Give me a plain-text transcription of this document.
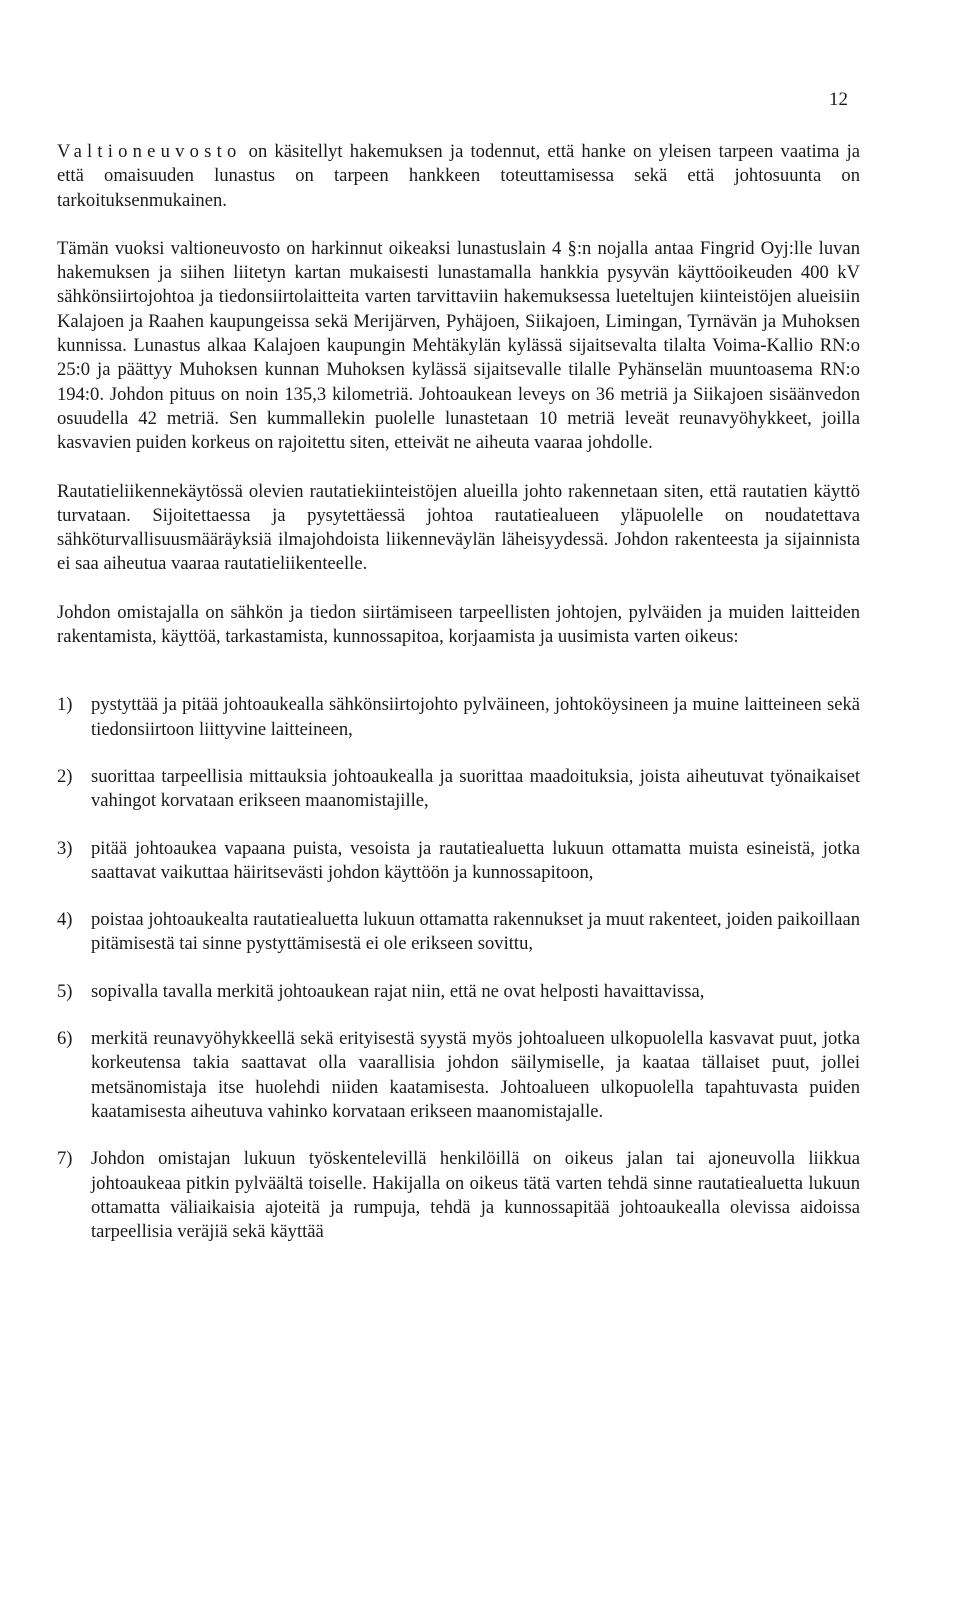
12

Valtioneuvosto on käsitellyt hakemuksen ja todennut, että hanke on yleisen tarpeen vaatima ja että omaisuuden lunastus on tarpeen hankkeen toteuttamisessa sekä että johtosuunta on tarkoituksenmukainen.

Tämän vuoksi valtioneuvosto on harkinnut oikeaksi lunastuslain 4 §:n nojalla antaa Fingrid Oyj:lle luvan hakemuksen ja siihen liitetyn kartan mukaisesti lunastamalla hankkia pysyvän käyttöoikeuden 400 kV sähkönsiirtojohtoa ja tiedonsiirtolaitteita varten tarvittaviin hakemuksessa lueteltujen kiinteistöjen alueisiin Kalajoen ja Raahen kaupungeissa sekä Merijärven, Pyhäjoen, Siikajoen, Limingan, Tyrnävän ja Muhoksen kunnissa. Lunastus alkaa Kalajoen kaupungin Mehtäkylän kylässä sijaitsevalta tilalta Voima-Kallio RN:o 25:0 ja päättyy Muhoksen kunnan Muhoksen kylässä sijaitsevalle tilalle Pyhänselän muuntoasema RN:o 194:0. Johdon pituus on noin 135,3 kilometriä. Johtoaukean leveys on 36 metriä ja Siikajoen sisäänvedon osuudella 42 metriä. Sen kummallekin puolelle lunastetaan 10 metriä leveät reunavyöhykkeet, joilla kasvavien puiden korkeus on rajoitettu siten, etteivät ne aiheuta vaaraa johdolle.

Rautatieliikennekäytössä olevien rautatiekiinteistöjen alueilla johto rakennetaan siten, että rautatien käyttö turvataan. Sijoitettaessa ja pysytettäessä johtoa rautatiealueen yläpuolelle on noudatettava sähköturvallisuusmääräyksiä ilmajohdoista liikenneväylän läheisyydessä. Johdon rakenteesta ja sijainnista ei saa aiheutua vaaraa rautatieliikenteelle.

Johdon omistajalla on sähkön ja tiedon siirtämiseen tarpeellisten johtojen, pylväiden ja muiden laitteiden rakentamista, käyttöä, tarkastamista, kunnossapitoa, korjaamista ja uusimista varten oikeus:

1) pystyttää ja pitää johtoaukealla sähkönsiirtojohto pylväineen, johtoköysineen ja muine laitteineen sekä tiedonsiirtoon liittyvine laitteineen,
2) suorittaa tarpeellisia mittauksia johtoaukealla ja suorittaa maadoituksia, joista aiheutuvat työnaikaiset vahingot korvataan erikseen maanomistajille,
3) pitää johtoaukea vapaana puista, vesoista ja rautatiealuetta lukuun ottamatta muista esineistä, jotka saattavat vaikuttaa häiritsevästi johdon käyttöön ja kunnossapitoon,
4) poistaa johtoaukealta rautatiealuetta lukuun ottamatta rakennukset ja muut rakenteet, joiden paikoillaan pitämisestä tai sinne pystyttämisestä ei ole erikseen sovittu,
5) sopivalla tavalla merkitä johtoaukean rajat niin, että ne ovat helposti havaittavissa,
6) merkitä reunavyöhykkeellä sekä erityisestä syystä myös johtoalueen ulkopuolella kasvavat puut, jotka korkeutensa takia saattavat olla vaarallisia johdon säilymiselle, ja kaataa tällaiset puut, jollei metsänomistaja itse huolehdi niiden kaatamisesta. Johtoalueen ulkopuolella tapahtuvasta puiden kaatamisesta aiheutuva vahinko korvataan erikseen maanomistajalle.
7) Johdon omistajan lukuun työskentelevillä henkilöillä on oikeus jalan tai ajoneuvolla liikkua johtoaukeaa pitkin pylväältä toiselle. Hakijalla on oikeus tätä varten tehdä sinne rautatiealuetta lukuun ottamatta väliaikaisia ajoteitä ja rumpuja, tehdä ja kunnossapitää johtoaukealla olevissa aidoissa tarpeellisia veräjiä sekä käyttää
